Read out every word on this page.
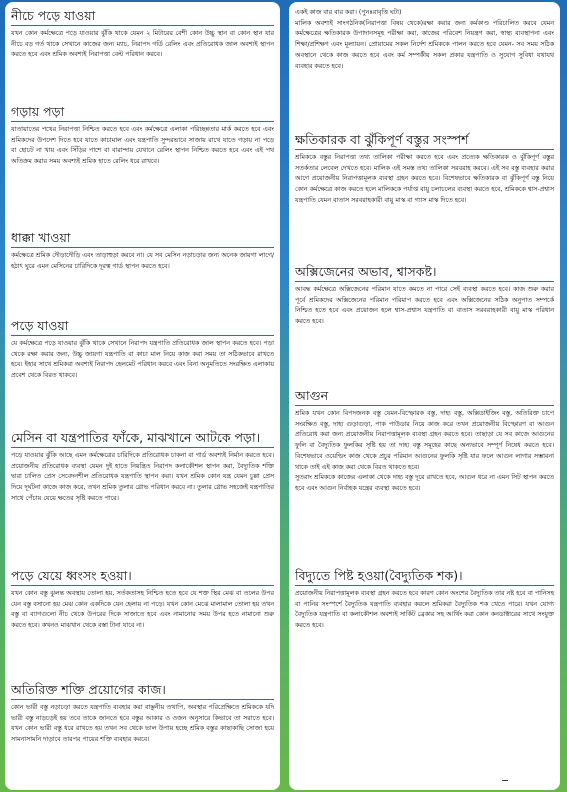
নীচে পড়ে যাওয়া

যখন কোন কর্মক্ষেত্রে পড়ে যাওয়ার ঝুঁকি থাকে যেমন ২ মিটারের বেশী কোন উচ্চু স্থান বা কোন স্থান যার নীচে বড় গর্ত থাকে সেখানে কাজের জন্য ম্যাচ, নিরাপদ গর্ডি রেলিং এবং প্রতিরোধক জাল অবশ্যই স্থাপন করতে হবে এবং শ্রমিক অবশ্যই নিরাপত্তা বেল্ট পরিধান করবে।

গড়ায় পড়া

যাতায়াতের পথের নিরাপত্তা নিশ্চিত করতে হবে এবং কর্মক্ষেত্রে এলাকা পরিচ্ছন্নতার মার্ক করতে হবে এবং শ্রমিকদের উপদেশ দিতে হবে যাতে কাচামাল এবং যন্ত্রপাতি সুন্দরভাবে সাজায় রাখে যাতে গড়ায় না পড়ে বা হোচট না খায় এবং সিঁড়ির পাশে বা বারান্দায় যেখানে রেলিং স্থাপন নিশ্চিত করতে হবে এবং এই পথ অতিক্রম করার সময় অবশ্যই শ্রমিক হাতে রেলিং ধরে রাখবে।

ধাক্কা খাওয়া

কর্মক্ষেত্রে শ্রমিক দৌড়াদৌড়ি এবং তাড়াহুড়া করবে না। যে সব মেসিন নড়াচড়ার জন্য অনেক জায়গা লাগে/হঠাৎ ঘুরে এমন মেসিনের চারিদিকে দূরত্ব গার্ড স্থাপন করতে হবে।

পড়ে যাওয়া

যে কর্মক্ষেত্রে পড়ে যাওয়ার ঝুঁকি থাকে সেখানে নিরাপদ যন্ত্রপাতি প্রতিরোধক জাল স্থাপন করতে হবে। পড়া থেকে রক্ষা করার জন্য, উচ্চু জায়গা যন্ত্রপাতি বা কাচা মাল নিয়ে কাজ করা সময় তা সঠিকভাবে রাখতে হবে। ইহার সাথে শ্রমিকরা অবশ্যই নিরাপদ হেলমেট পরিধান করবে এবং বিনা অনুমতিতে সংরক্ষিত এলাকায় প্রবেশ থেকে বিরত থাকবে।

মেসিন বা যন্ত্রপাতির ফাঁকে, মাঝখানে আটকে পড়া।

পড়ে যাওয়ার ঝুঁকি আছে এমন কর্মক্ষেত্রের চারিদিকে প্রতিরোধক চাকনা বা গার্ড অবশ্যই নির্মান করতে হবে। প্রয়োজনীয় প্রতিরোধক ব্যবস্থা যেমন দুই হাতে নিয়ন্ত্রিত নিরাপদ কলাকৌশল স্থাপন করা, বৈদ্যুতিক শক্তি দ্বারা চালিত প্রেস সেবেদনশীল প্রতিরোধক যন্ত্রপাতি স্থাপন করা। যখন শ্রমিক কোন যন্ত্র যেমন চুল্লা প্রেস দিয়ে দূর্ঘটনা কাজে কাজ করে, তখন শ্রমিক তুলার গ্লোভ পরিধান করবে না। তুলার গ্লোভ সহজেই যন্ত্রপাতির সাথে পেঁচায় যেয়ে ক্ষতের সৃষ্টি করতে পারে।

পড়ে যেয়ে ধ্বংসং হওয়া।

যখন কোন বস্তু ঝুলন্ত অবস্থায় তোলা হয়, সর্তকতাসহ নিশ্চিত হতে হবে যে শক্ত স্থির মেঝ বা তলের উপর যেন বস্তু বসানো হয় মেঝ কোন একদিকে যেন হেলায় না পড়ে। যখন কোন মেঝে মালামাল তোলা হয় তখন বস্তু বা ব্যাগগুলো নীচ থেকে উপরের দিকে সাজাতে হবে এবং নামানোর সময় উপর হতে নামানো শুরু করতে হবে। কখনও মাঝখান থেকে বস্তা টানা যাবে না।

অতিরিক্ত শক্তি প্রয়োগের কাজ।

কোন ভারী বস্তু নড়াচড়া করতে যন্ত্রপাতি ব্যবহার করা বাঞ্ছনীয় তথাপি, অবস্থার পরিপ্রেক্ষিতে শ্রমিককে যদি ভারী বস্তু নাড়চড়ই হয় তবে তাকে জানতে হবে বস্তুর আকার ও ওজন অনুসারে কিভাবে তা সরাতে হবে। যখন কোন ভারী বস্তু ধরে রাখতে হয় তখন সব থেকে ভাল উপায় হচ্ছে শ্রমিক বস্তুর কাছাকাছি সোজা হয়ে সামনাসামনি দাড়াবে তারপর পায়ের শক্তি ব্যবহার করবে।

একই কাজ বার বার করা। (পুনঃরাবৃত্তি ঘটা)
মালিক অবশ্যই সাংগঠনিক(নিরাপত্তা বিষয় থেকে)রক্ষা করার জন্য কর্মকাণ্ড পরিচালিত করবে যেমন কর্মক্ষেত্রের ক্ষতিকারক উপাদানসমূহ পরীক্ষা করা, কাজের পরিবেশ নিয়ন্ত্রণ করা, স্বাস্থ্য ব্যবস্থাপনা এবং শিক্ষা/প্রশিক্ষণ এবং মূল্যায়ন। প্রোয়ামের সকল নির্দেশ শ্রমিককে পালন করতে হবে যেমন- সব সময় সঠিক অবস্থানে থেকে কাজ করতে হবে এবং কর্ম সম্পর্কীয় সকল প্রকার যন্ত্রপাতি ও সুযোগ সুবিধা যথাযথ ব্যবহার করতে হবে।

ক্ষতিকারক বা ঝুঁকিপূর্ণ বস্তুর সংস্পর্শ

শ্রমিককে বস্তুর নিরাপত্তা তথ্য তালিকা পরীক্ষা করতে হবে এবং প্রত্যেক ক্ষতিকারক ও ঝুঁকিপূর্ণ বস্তুর সতর্কতার লেবেল দেখতে হবে। মালিক এই সমস্ত তথ্য তালিকা সরবরাহ করবে। এই সব বস্তু ব্যবহার করার আগে প্রয়োজনীয় নিরাপত্তামূলক ব্যবস্থা গ্রহন করতে হবে। বিশেষভাবে ক্ষতিকারক বা ঝুঁকিপূর্ণ বস্তু নিয়ে কোন কর্মক্ষেত্রে কাজ করতে হলে মালিককে পর্যাপ্ত বায়ু চলাচলের ব্যবস্থা করতে হবে, শ্রমিককে শ্বাস-প্রশ্বাস যন্ত্রপাতি যেমন বাতাস সরবরাহকারী বায়ু মাস্ক বা গ্যাস মাস্ক দিতে হবে।

অক্সিজেনের অভাব, শ্বাসকষ্ট।

আবদ্ধ কর্মক্ষেত্রে অক্সিজেনের পরিমান যাতে কমতে না পারে সেই ব্যবস্থা করতে হবে। কাজ শুরু করার পূর্বে শ্রমিকদের অক্সিজেনের পরিমান পরিমাপ করতে হবে এবং অক্সিজেনের সঠিক অনুপাত সম্পর্কে নিশ্চিত হতে হবে এবং প্রয়োজন হলে শ্বাস-প্রশ্বাস যন্ত্রপাতি বা বাতাস সরবরাহকারী বায়ু মাস্ক পরিধান করতে হবে।

আগুন

শ্রমিক যখন কোন বিপদজনক বস্তু যেমন-বিস্ফোরক বস্তু, দাহ্য বস্তু, অক্সিডাইজিং বস্তু, অতিরিক্ত চাপে সংরক্ষিত বস্তু, দাহ্য গুড়াগুড়া, পাক পাউডার নিয়ে কাজ করে তখন প্রয়োজনীয় বিস্ফোরণ বা আগুন প্রতিরোধ করা জন্য প্রয়োজনীয় নিরাপত্তামূলক ব্যবস্থা গ্রহন করতে হবে। তাছাড়া যে সব কাজে আগুনের ফুলি বা বৈদ্যুতিক ফুলকির সৃষ্টি হয় তা দাহ্য বস্তু সমূহের কাছে অন্যভাবে সম্পূর্ণ নিষেধ করতে হবে। বিশেষভাবে ওয়েল্ডিং কাজ থেকে প্রচুর পরিমান আগুনের ফুলকি সৃষ্টি যার ফলে আগুন লাগার সম্ভাবনা থাকে তাই এই কাজ করা থেকে বিরত থাকতে হবে।
সুতরাং শ্রমিককে কাজের এলাকা থেকে দাহ্য বস্তু দূরে রাখতে হবে, আগুন ধরে না এমন সিট স্থাপন করতে হবে এবং আগুন নির্বাহক যন্ত্রের ব্যবস্থা করতে হবে।

বিদ্যুতে পিষ্ট হওয়া(বৈদ্যুতিক শক)।

প্রয়োজনীয় নিরাপত্তামূলক ব্যবস্থা গ্রহন করতে হবে কারণ কোন অংশের বৈদ্যুতিক তার নষ্ট হবে বা পানিসহ বা পানির সংস্পর্শে বৈদ্যুতিক যন্ত্রপাতি ব্যবহার করলে শ্রমিকরা বৈদ্যুতিক শক খেতে পারে। যখন যোগ্য বৈদ্যুতিক যন্ত্রপাতি বা কলাকৌশল অবশ্যই সার্কিট ব্রেকার সহ আর্থিং করা কোন কনডাক্টারের সাথে সংযুক্ত করতে হবে।
